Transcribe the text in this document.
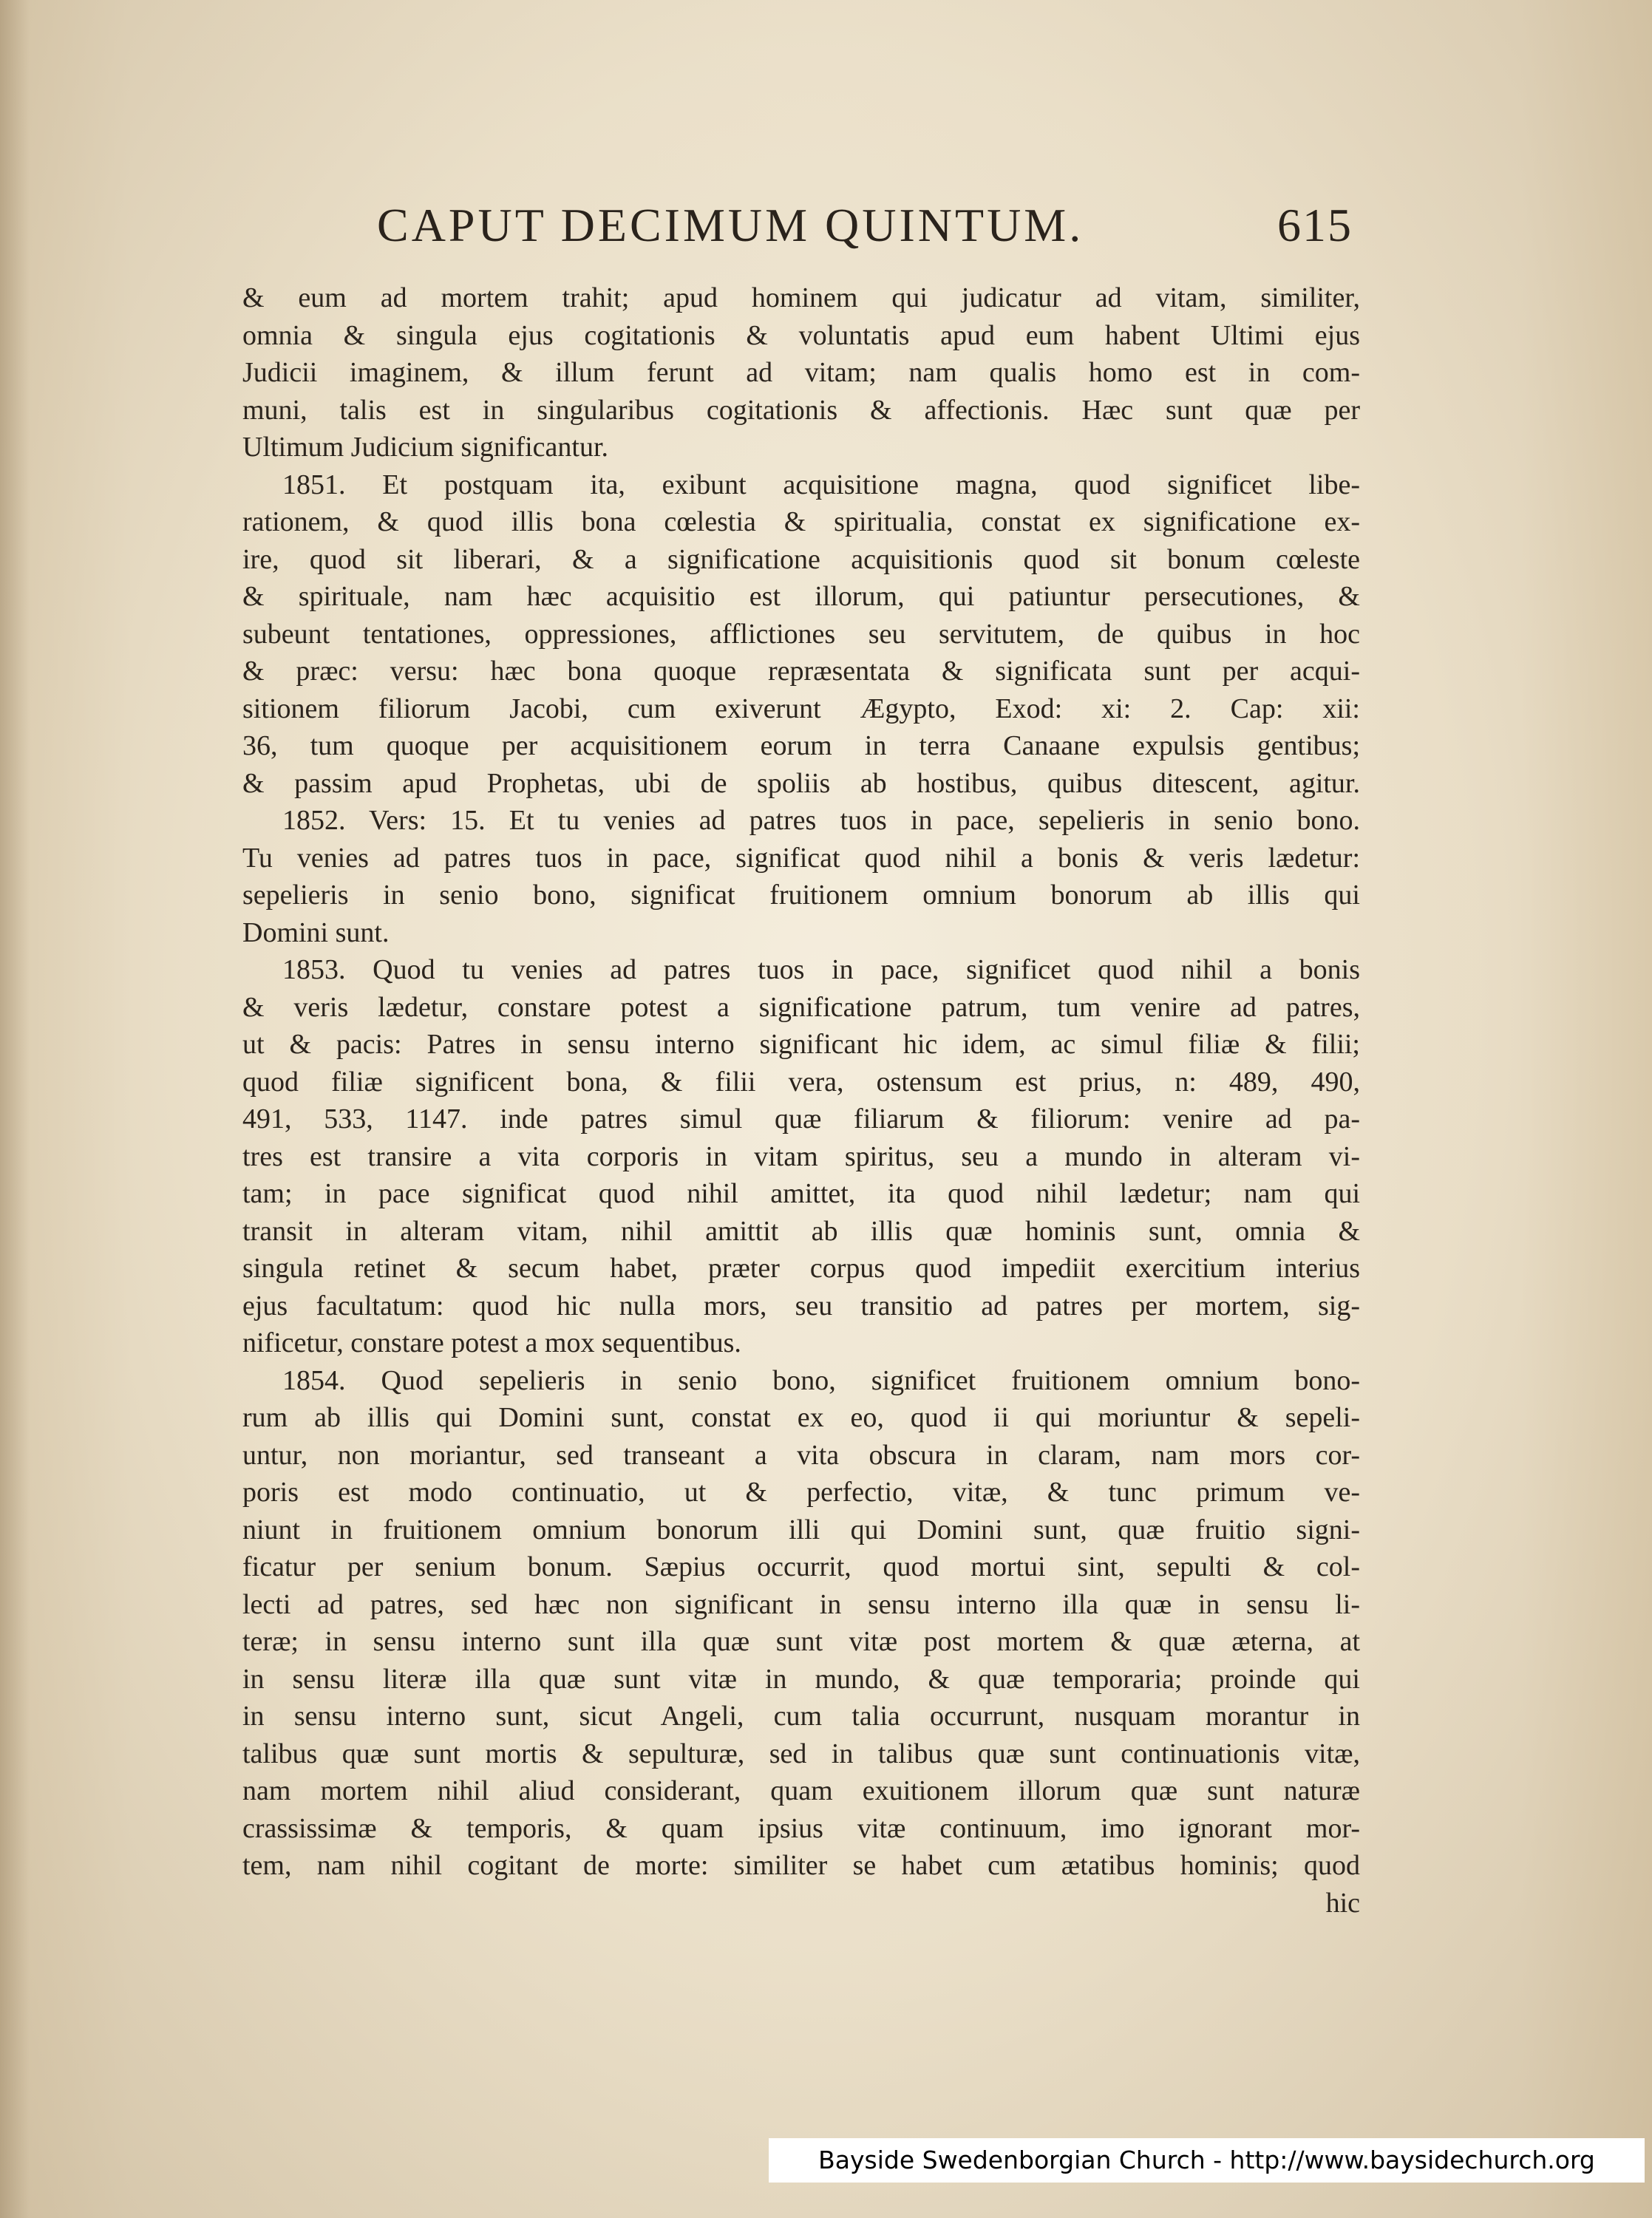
CAPUT DECIMUM QUINTUM.	615
& eum ad mortem trahit; apud hominem qui judicatur ad vitam, similiter,
omnia & singula ejus cogitationis & voluntatis apud eum habent Ultimi ejus
Judicii imaginem, & illum ferunt ad vitam; nam qualis homo est in com-
muni, talis est in singularibus cogitationis & affectionis. Hæc sunt quæ per
Ultimum Judicium significantur.
1851. Et postquam ita, exibunt acquisitione magna, quod significet libe-
rationem, & quod illis bona cœlestia & spiritualia, constat ex significatione ex-
ire, quod sit liberari, & a significatione acquisitionis quod sit bonum cœleste
& spirituale, nam hæc acquisitio est illorum, qui patiuntur persecutiones, &
subeunt tentationes, oppressiones, afflictiones seu servitutem, de quibus in hoc
& præc: versu: hæc bona quoque repræsentata & significata sunt per acqui-
sitionem filiorum Jacobi, cum exiverunt Ægypto, Exod: xi: 2. Cap: xii:
36, tum quoque per acquisitionem eorum in terra Canaane expulsis gentibus;
& passim apud Prophetas, ubi de spoliis ab hostibus, quibus ditescent, agitur.
1852. Vers: 15. Et tu venies ad patres tuos in pace, sepelieris in senio bono.
Tu venies ad patres tuos in pace, significat quod nihil a bonis & veris lædetur:
sepelieris in senio bono, significat fruitionem omnium bonorum ab illis qui
Domini sunt.
1853. Quod tu venies ad patres tuos in pace, significet quod nihil a bonis
& veris lædetur, constare potest a significatione patrum, tum venire ad patres,
ut & pacis: Patres in sensu interno significant hic idem, ac simul filiæ & filii;
quod filiæ significent bona, & filii vera, ostensum est prius, n: 489, 490,
491, 533, 1147. inde patres simul quæ filiarum & filiorum: venire ad pa-
tres est transire a vita corporis in vitam spiritus, seu a mundo in alteram vi-
tam; in pace significat quod nihil amittet, ita quod nihil lædetur; nam qui
transit in alteram vitam, nihil amittit ab illis quæ hominis sunt, omnia &
singula retinet & secum habet, præter corpus quod impediit exercitium interius
ejus facultatum: quod hic nulla mors, seu transitio ad patres per mortem, sig-
nificetur, constare potest a mox sequentibus.
1854. Quod sepelieris in senio bono, significet fruitionem omnium bono-
rum ab illis qui Domini sunt, constat ex eo, quod ii qui moriuntur & sepeli-
untur, non moriantur, sed transeant a vita obscura in claram, nam mors cor-
poris est modo continuatio, ut & perfectio, vitæ, & tunc primum ve-
niunt in fruitionem omnium bonorum illi qui Domini sunt, quæ fruitio signi-
ficatur per senium bonum. Sæpius occurrit, quod mortui sint, sepulti & col-
lecti ad patres, sed hæc non significant in sensu interno illa quæ in sensu li-
teræ; in sensu interno sunt illa quæ sunt vitæ post mortem & quæ æterna, at
in sensu literæ illa quæ sunt vitæ in mundo, & quæ temporaria; proinde qui
in sensu interno sunt, sicut Angeli, cum talia occurrunt, nusquam morantur in
talibus quæ sunt mortis & sepulturæ, sed in talibus quæ sunt continuationis vitæ,
nam mortem nihil aliud considerant, quam exuitionem illorum quæ sunt naturæ
crassissimæ & temporis, & quam ipsius vitæ continuum, imo ignorant mor-
tem, nam nihil cogitant de morte: similiter se habet cum ætatibus hominis; quod
hic
Bayside Swedenborgian Church - http://www.baysidechurch.org
